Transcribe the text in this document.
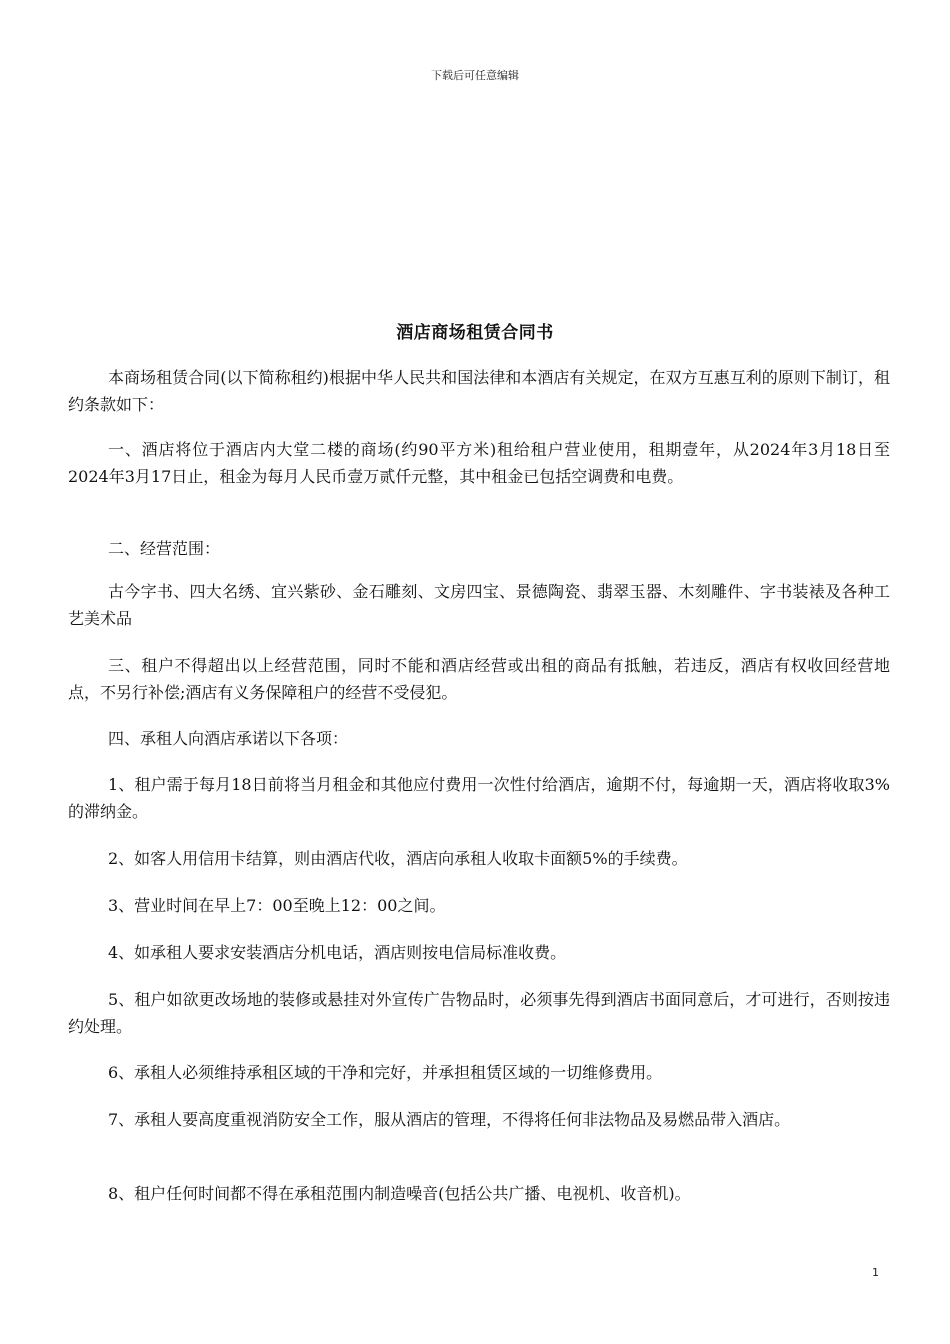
下载后可任意编辑
酒店商场租赁合同书
本商场租赁合同(以下简称租约)根据中华人民共和国法律和本酒店有关规定，在双方互惠互利的原则下制订，租约条款如下：
一、酒店将位于酒店内大堂二楼的商场(约90平方米)租给租户营业使用，租期壹年，从2024年3月18日至2024年3月17日止，租金为每月人民币壹万贰仟元整，其中租金已包括空调费和电费。
二、经营范围：
古今字书、四大名绣、宜兴紫砂、金石雕刻、文房四宝、景德陶瓷、翡翠玉器、木刻雕件、字书装裱及各种工艺美术品
三、租户不得超出以上经营范围，同时不能和酒店经营或出租的商品有抵触，若违反，酒店有权收回经营地点，不另行补偿;酒店有义务保障租户的经营不受侵犯。
四、承租人向酒店承诺以下各项：
1、租户需于每月18日前将当月租金和其他应付费用一次性付给酒店，逾期不付，每逾期一天，酒店将收取3%的滞纳金。
2、如客人用信用卡结算，则由酒店代收，酒店向承租人收取卡面额5%的手续费。
3、营业时间在早上7：00至晚上12：00之间。
4、如承租人要求安装酒店分机电话，酒店则按电信局标准收费。
5、租户如欲更改场地的装修或悬挂对外宣传广告物品时，必须事先得到酒店书面同意后，才可进行，否则按违约处理。
6、承租人必须维持承租区域的干净和完好，并承担租赁区域的一切维修费用。
7、承租人要高度重视消防安全工作，服从酒店的管理，不得将任何非法物品及易燃品带入酒店。
8、租户任何时间都不得在承租范围内制造噪音(包括公共广播、电视机、收音机)。
1
